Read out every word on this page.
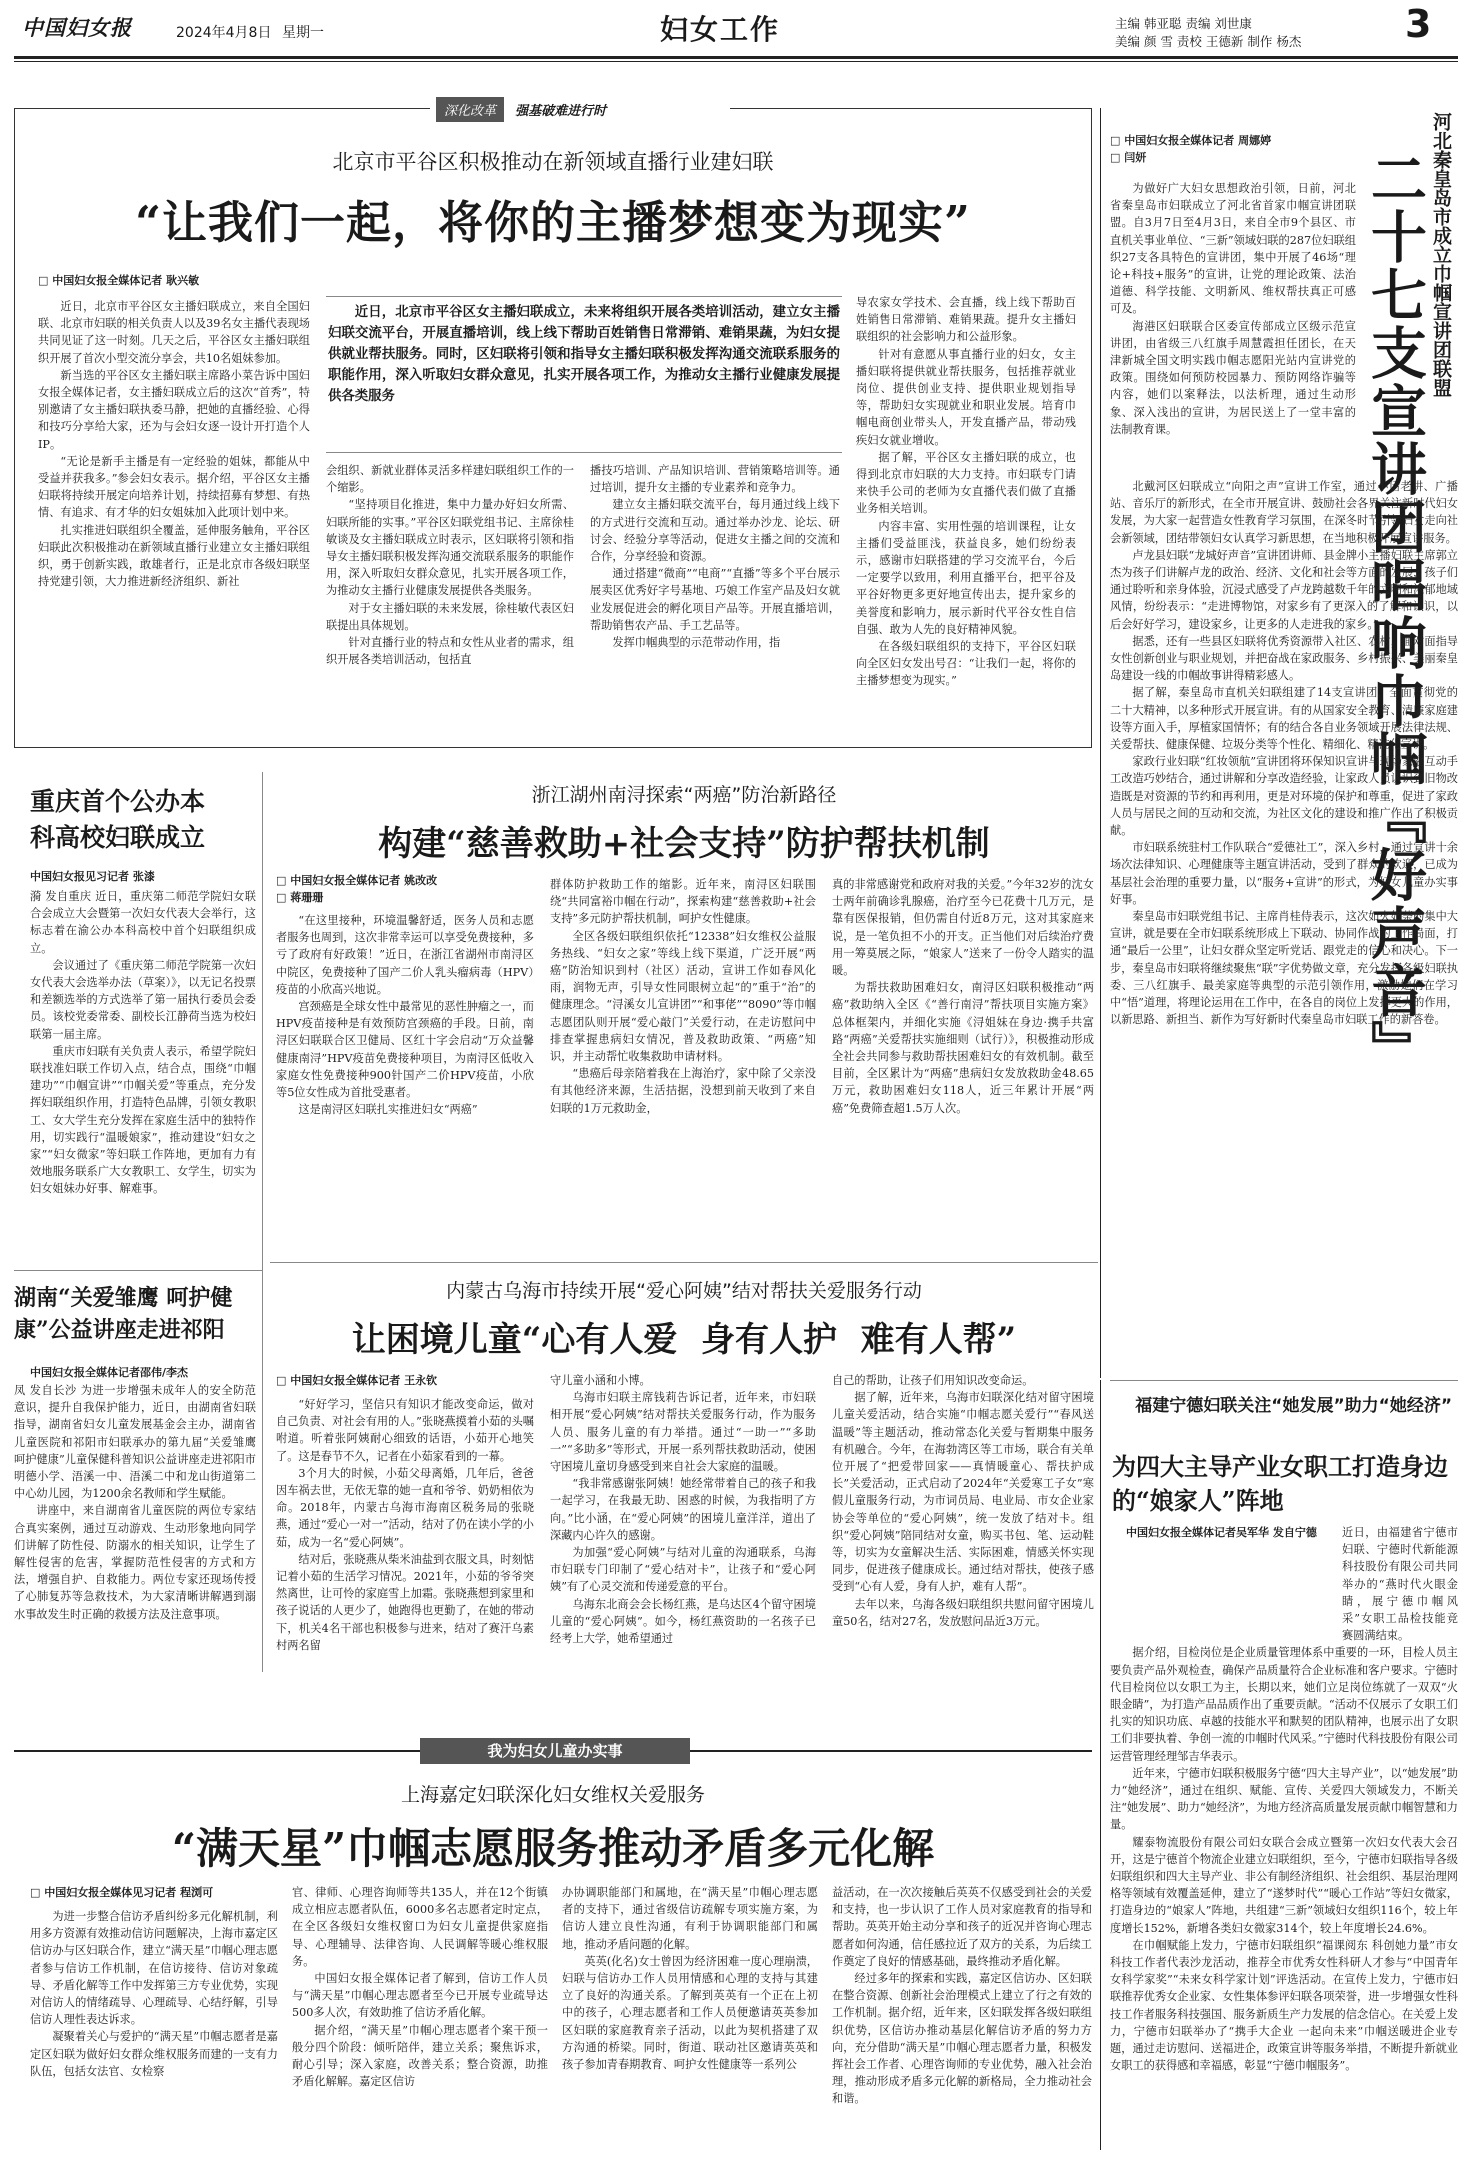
中国妇女报	2024年4月8日 星期一	妇女工作	主编 韩亚聪 责编 刘世康
美编 颜 雪 责校 王德新 制作 杨杰	3
深化改革 强基破难进行时
北京市平谷区积极推动在新领域直播行业建妇联
“让我们一起，将你的主播梦想变为现实”
□ 中国妇女报全媒体记者 耿兴敏

近日，北京市平谷区女主播妇联成立，来自全国妇联、北京市妇联的相关负责人以及39名女主播代表现场共同见证了这一时刻。几天之后，平谷区女主播妇联组织开展了首次小型交流分享会，共10名姐妹参加。

新当选的平谷区女主播妇联主席路小菜告诉中国妇女报全媒体记者，女主播妇联成立后的这次“首秀”，特别邀请了女主播妇联执委马静，把她的直播经验、心得和技巧分享给大家，还为与会妇女逐一设计开打造个人IP。

“无论是新手主播是有一定经验的姐妹，都能从中受益并获我多。”参会妇女表示。据介绍，平谷区女主播妇联将持续开展定向培养计划，持续招募有梦想、有热情、有追求、有才华的妇女姐妹加入此项计划中来。

扎实推进妇联组织全覆盖，延伸服务触角，平谷区妇联此次积极推动在新领域直播行业建立女主播妇联组织，勇于创新实践，敢雄者行，正是北京市各级妇联坚持党建引领，大力推进新经济组织、新社

近日，北京市平谷区女主播妇联成立，未来将组织开展各类培训活动，建立女主播妇联交流平台，开展直播培训，线上线下帮助百姓销售日常滞销、难销果蔬，为妇女提供就业帮扶服务。同时，区妇联将引领和指导女主播妇联积极发挥沟通交流联系服务的职能作用，深入听取妇女群众意见，扎实开展各项工作，为推动女主播行业健康发展提供各类服务

会组织、新就业群体灵活多样建妇联组织工作的一个缩影。

“坚持项目化推进，集中力量办好妇女所需、妇联所能的实事。”平谷区妇联党组书记、主席徐桂敏谈及女主播妇联成立时表示，区妇联将引领和指导女主播妇联积极发挥沟通交流联系服务的职能作用，深入听取妇女群众意见，扎实开展各项工作，为推动女主播行业健康发展提供各类服务。

对于女主播妇联的未来发展，徐桂敏代表区妇联提出具体规划。

针对直播行业的特点和女性从业者的需求，组织开展各类培训活动，包括直

播技巧培训、产品知识培训、营销策略培训等。通过培训，提升女主播的专业素养和竞争力。

建立女主播妇联交流平台，每月通过线上线下的方式进行交流和互动。通过举办沙龙、论坛、研讨会、经验分享等活动，促进女主播之间的交流和合作，分享经验和资源。

通过搭建“微商”“电商”“直播”等多个平台展示展卖区优秀好字号基地、巧娘工作室产品及妇女就业发展促进会的孵化项目产品等。开展直播培训，帮助销售农产品、手工艺品等。

发挥巾帼典型的示范带动作用，指

导农家女学技术、会直播，线上线下帮助百姓销售日常滞销、难销果蔬。提升女主播妇联组织的社会影响力和公益形象。

针对有意愿从事直播行业的妇女，女主播妇联将提供就业帮扶服务，包括推荐就业岗位、提供创业支持、提供职业规划指导等，帮助妇女实现就业和职业发展。培育巾帼电商创业带头人，开发直播产品，带动残疾妇女就业增收。

据了解，平谷区女主播妇联的成立，也得到北京市妇联的大力支持。市妇联专门请来快手公司的老师为女直播代表们做了直播业务相关培训。

内容丰富、实用性强的培训课程，让女主播们受益匪浅，获益良多，她们纷纷表示，感谢市妇联搭建的学习交流平台，今后一定要学以致用，利用直播平台，把平谷及平谷好物更多更好地宣传出去，提升家乡的美誉度和影响力，展示新时代平谷女性自信自强、敢为人先的良好精神风貌。

在各级妇联组织的支持下，平谷区妇联向全区妇女发出号召：“让我们一起，将你的主播梦想变为现实。”

□ 中国妇女报全媒体记者 周娜婷
□ 闫妍	二十七支宣讲团唱响巾帼『好声音』 河北秦皇岛市成立巾帼宣讲团联盟

为做好广大妇女思想政治引领，日前，河北省秦皇岛市妇联成立了河北省首家巾帼宣讲团联盟。自3月7日至4月3日，来自全市9个县区、市直机关事业单位、“三新”领域妇联的287位妇联组织27支各具特色的宣讲团，集中开展了46场“理论+科技+服务”的宣讲，让党的理论政策、法治道德、科学技能、文明新风、维权帮扶真正可感可及。

海港区妇联联合区委宣传部成立区级示范宣讲团，由省级三八红旗手周慧霞担任团长，在天津新城全国文明实践巾帼志愿阳光站内宣讲党的政策。围绕如何预防校园暴力、预防网络诈骗等内容，她们以案释法，以法析理，通过生动形象、深入浅出的宣讲，为居民送上了一堂丰富的法制教育课。

北戴河区妇联成立“向阳之声”宣讲工作室，通过小话老讲、广播站、音乐厅的新形式，在全市开展宣讲、鼓励社会各界关注新时代妇女发展，为大家一起营造女性教育学习氛围，在深冬时节引领妇女走向社会新领域，团结带领妇女认真学习新思想，在当地积极开展宣讲服务。

卢龙县妇联“龙城好声音”宣讲团讲师、县金牌小主播妇联主席郭立杰为孩子们讲解卢龙的政治、经济、文化和社会等方面的发展，孩子们通过聆听和亲身体验，沉浸式感受了卢龙跨越数千年的文明和浓郁地域风情，纷纷表示：“走进博物馆，对家乡有了更深入的了解和认识，以后会好好学习，建设家乡，让更多的人走进我的家乡。”

据悉，还有一些县区妇联将优秀资源带入社区、农村，面对面指导女性创新创业与职业规划，并把奋战在家政服务、乡村振兴、美丽秦皇岛建设一线的巾帼故事讲得精彩感人。

据了解，秦皇岛市直机关妇联组建了14支宣讲团，全面贯彻党的二十大精神，以多种形式开展宣讲。有的从国家安全教育、清廉家庭建设等方面入手，厚植家国情怀；有的结合各自业务领域开展法律法规、关爱帮扶、健康保健、垃圾分类等个性化、精细化、精准化宣讲。

家政行业妇联“红妆领航”宣讲团将环保知识宣讲与现场家庭互动手工改造巧妙结合，通过讲解和分享改造经验，让家政人员认识到旧物改造既是对资源的节约和再利用，更是对环境的保护和尊重，促进了家政人员与居民之间的互动和交流，为社区文化的建设和推广作出了积极贡献。

市妇联系统驻村工作队联合“爱德社工”，深入乡村，通过宣讲十余场次法律知识、心理健康等主题宣讲活动，受到了群众的欢迎，已成为基层社会治理的重要力量，以“服务+宣讲”的形式，为妇女儿童办实事好事。

秦皇岛市妇联党组书记、主席肖桂侍表示，这次如火如荼的集中大宣讲，就是要在全市妇联系统形成上下联动、协同作战的工作局面，打通“最后一公里”，让妇女群众坚定听党话、跟党走的信心和决心。下一步，秦皇岛市妇联将继续聚焦“联”字优势做文章，充分发挥各级妇联执委、三八红旗手、最美家庭等典型的示范引领作用，激励她们在学习中“悟”道理，将理论运用在工作中，在各自的岗位上发挥更大的作用，以新思路、新担当、新作为写好新时代秦皇岛市妇联工作的新答卷。

重庆首个公办本科高校妇联成立
中国妇女报见习记者 张漆

漪 发自重庆 近日，重庆第二师范学院妇女联合会成立大会暨第一次妇女代表大会举行，这标志着在渝公办本科高校中首个妇联组织成立。

会议通过了《重庆第二师范学院第一次妇女代表大会选举办法（草案）》，以无记名投票和差额选举的方式选举了第一届执行委员会委员。该校党委常委、副校长江静荷当选为校妇联第一届主席。

重庆市妇联有关负责人表示，希望学院妇联找准妇联工作切入点，结合点，围绕“巾帼建功”“巾帼宣讲”“巾帼关爱”等重点，充分发挥妇联组织作用，打造特色品牌，引领女教职工、女大学生充分发挥在家庭生活中的独特作用，切实践行“温暖娘家”，推动建设“妇女之家”“妇女微家”等妇联工作阵地，更加有力有效地服务联系广大女教职工、女学生，切实为妇女姐妹办好事、解难事。

浙江湖州南浔探索“两癌”防治新路径
构建“慈善救助+社会支持”防护帮扶机制
□ 中国妇女报全媒体记者 姚改改
□ 蒋珊珊

“在这里接种，环境温馨舒适，医务人员和志愿者服务也周到，这次非常幸运可以享受免费接种，多亏了政府有好政策！”近日，在浙江省湖州市南浔区中院区，免费接种了国产二价人乳头瘤病毒（HPV）疫苗的小欣高兴地说。

宫颈癌是全球女性中最常见的恶性肿瘤之一，而HPV疫苗接种是有效预防宫颈癌的手段。日前，南浔区妇联联合区卫健局、区红十字会启动“万众益馨 健康南浔”HPV疫苗免费接种项目，为南浔区低收入家庭女性免费接种900针国产二价HPV疫苗，小欣等5位女性成为首批受惠者。

这是南浔区妇联扎实推进妇女“两癌”

群体防护救助工作的缩影。近年来，南浔区妇联围绕“共同富裕巾帼在行动”，探索构建“慈善救助+社会支持”多元防护帮扶机制，呵护女性健康。

全区各级妇联组织依托“12338”妇女维权公益服务热线、“妇女之家”等线上线下渠道，广泛开展“两癌”防治知识到村（社区）活动，宣讲工作如春风化雨，润物无声，引导女性同眼树立起“的”重于“治”的健康理念。“浔溪女儿宣讲团”“和事佬”“8090”等巾帼志愿团队则开展“爱心敲门”关爱行动，在走访慰问中排查掌握患病妇女情况，普及救助政策、“两癌”知识，并主动帮忙收集救助申请材料。

“患癌后母亲陪着我在上海治疗，家中除了父亲没有其他经济来源，生活拮据，没想到前天收到了来自妇联的1万元救助金，

真的非常感谢党和政府对我的关爱。”今年32岁的沈女士两年前确诊乳腺癌，治疗至今已花费十几万元，是靠有医保报销，但仍需自付近8万元，这对其家庭来说，是一笔负担不小的开支。正当他们对后续治疗费用一筹莫展之际，“娘家人”送来了一份令人踏实的温暖。

为帮扶救助困难妇女，南浔区妇联积极推动“两癌”救助纳入全区《“善行南浔”帮扶项目实施方案》总体框架内，并细化实施《浔姐妹在身边·携手共富路“两癌”关爱帮扶实施细则（试行）》，积极推动形成全社会共同参与救助帮扶困难妇女的有效机制。截至目前，全区累计为“两癌”患病妇女发放救助金48.65万元，救助困难妇女118人，近三年累计开展“两癌”免费筛查超1.5万人次。

湖南“关爱雏鹰 呵护健康”公益讲座走进祁阳
中国妇女报全媒体记者邵伟/李杰

凤 发自长沙 为进一步增强未成年人的安全防范意识，提升自我保护能力，近日，由湖南省妇联指导，湖南省妇女儿童发展基金会主办，湖南省儿童医院和祁阳市妇联承办的第九届“关爱雏鹰 呵护健康”儿童保健科普知识公益讲座走进祁阳市明德小学、浯溪一中、浯溪二中和龙山街道第二中心幼儿园，为1200余名教师和学生赋能。

讲座中，来自湖南省儿童医院的两位专家结合真实案例，通过互动游戏、生动形象地向同学们讲解了防性侵、防溺水的相关知识，让学生了解性侵害的危害，掌握防范性侵害的方式和方法，增强自护、自救能力。两位专家还现场传授了心肺复苏等急救技术，为大家清晰讲解遇到溺水事故发生时正确的救援方法及注意事项。

内蒙古乌海市持续开展“爱心阿姨”结对帮扶关爱服务行动
让困境儿童“心有人爱  身有人护  难有人帮”
□ 中国妇女报全媒体记者 王永钦

“好好学习，坚信只有知识才能改变命运，做对自己负责、对社会有用的人。”张晓燕摸着小茹的头嘱咐道。听着张阿姨耐心细致的话语，小茹开心地笑了。这是春节不久，记者在小茹家看到的一幕。

3个月大的时候，小茹父母离婚，几年后，爸爸因车祸去世，无依无靠的她一直和爷爷、奶奶相依为命。2018年，内蒙古乌海市海南区税务局的张晓燕，通过“爱心一对一”活动，结对了仍在读小学的小茹，成为一名“爱心阿姨”。

结对后，张晓燕从柴米油盐到衣服文具，时刻惦记着小茹的生活学习情况。2021年，小茹的爷爷突然离世，让可怜的家庭雪上加霜。张晓燕想到家里和孩子说话的人更少了，她跑得也更勤了，在她的带动下，机关4名干部也积极参与进来，结对了赛汗乌素村两名留

守儿童小涵和小博。

乌海市妇联主席钱莉告诉记者，近年来，市妇联相开展“爱心阿姨”结对帮扶关爱服务行动，作为服务人员、服务儿童的有力举措。通过“一助一”“多助一”“多助多”等形式，开展一系列帮扶救助活动，使困守困境儿童切身感受到来自社会大家庭的温暖。

“我非常感谢张阿姨！她经常带着自己的孩子和我一起学习，在我最无助、困惑的时候，为我指明了方向。”比小涵，在“爱心阿姨”的困境儿童洋洋，道出了深藏内心许久的感谢。

为加强“爱心阿姨”与结对儿童的沟通联系，乌海市妇联专门印制了“爱心结对卡”，让孩子和“爱心阿姨”有了心灵交流和传递爱意的平台。

乌海东北商会会长杨红燕，是乌达区4个留守困境儿童的“爱心阿姨”。如今，杨红燕资助的一名孩子已经考上大学，她希望通过

自己的帮助，让孩子们用知识改变命运。

据了解，近年来，乌海市妇联深化结对留守困境儿童关爱活动，结合实施“巾帼志愿关爱行”“春风送温暖”等主题活动，推动常态化关爱与暂期集中服务有机融合。今年，在海勃湾区等工市场，联合有关单位开展了“把爱带回家——真情暖童心、帮扶护成长”关爱活动，正式启动了2024年“关爱寒工子女”寒假儿童服务行动，为市词员局、电业局、市女企业家协会等单位的“爱心阿姨”，统一发放了结对卡。组织“爱心阿姨”陪同结对女童，购买书包、笔、运动鞋等，切实为女童解决生活、实际困难，情感关怀实现同步，促进孩子健康成长。通过结对帮扶，使孩子感受到“心有人爱，身有人护，难有人帮”。

去年以来，乌海各级妇联组织共慰问留守困境儿童50名，结对27名，发放慰问品近3万元。

福建宁德妇联关注“她发展”助力“她经济”
为四大主导产业女职工打造身边的“娘家人”阵地
中国妇女报全媒体记者吴军华 发自宁德	近日，由福建省宁德市妇联、宁德时代新能源科技股份有限公司共同举办的“燕时代火眼金睛，展宁德巾帼风采”女职工品检技能竞赛圆满结束。

据介绍，目检岗位是企业质量管理体系中重要的一环，目检人员主要负责产品外观检查，确保产品质量符合企业标准和客户要求。宁德时代目检岗位以女职工为主，长期以来，她们立足岗位练就了一双双“火眼金睛”，为打造产品品质作出了重要贡献。“活动不仅展示了女职工们扎实的知识功底、卓越的技能水平和默契的团队精神，也展示出了女职工们非要执着、争创一流的巾帼时代风采。”宁德时代科技股份有限公司运营管理经理邹吉华表示。

近年来，宁德市妇联积极服务宁德“四大主导产业”，以“她发展”助力“她经济”，通过在组织、赋能、宣传、关爱四大领域发力，不断关注“她发展”、助力“她经济”，为地方经济高质量发展贡献巾帼智慧和力量。

耀泰物流股份有限公司妇女联合会成立暨第一次妇女代表大会召开，这是宁德首个物流企业建立妇联组织，至今，宁德市妇联指导各级妇联组织和四大主导产业、非公有制经济组织、社会组织、基层治理网格等领域有效覆盖延伸，建立了“遂梦时代”“暖心工作站”等妇女微家，打造身边的“娘家人”阵地，共组建“三新”领域妇女组织116个，较上年度增长152%，新增各类妇女微家314个，较上年度增长24.6%。

在巾帼赋能上发力，宁德市妇联组织“福课阅东 科创她力量”市女科技工作者代表沙龙活动，推荐全市优秀女性科研人才参与“中国青年女科学家奖”“未来女科学家计划”评选活动。在宣传上发力，宁德市妇联推荐优秀女企业家、女性集体参评妇联各项荣誉，进一步增强女性科技工作者服务科技强国、服务新质生产力发展的信念信心。在关爱上发力，宁德市妇联举办了“携手大企业 一起向未来”巾帼送暖进企业专题，通过走访慰问、送福进企，政策宣讲等服务举措，不断提升新就业女职工的获得感和幸福感，彰显“宁德巾帼服务”。

我为妇女儿童办实事
上海嘉定妇联深化妇女维权关爱服务
“满天星”巾帼志愿服务推动矛盾多元化解
□ 中国妇女报全媒体见习记者 程浏可

为进一步整合信访矛盾纠纷多元化解机制，利用多方资源有效推动信访问题解决，上海市嘉定区信访办与区妇联合作，建立“满天星”巾帼心理志愿者参与信访工作机制，在信访接待、信访对象疏导、矛盾化解等工作中发挥第三方专业优势，实现对信访人的情绪疏导、心理疏导、心结纾解，引导信访人理性表达诉求。

凝聚着关心与爱护的“满天星”巾帼志愿者是嘉定区妇联为做好妇女群众维权服务而建的一支有力队伍，包括女法官、女检察

官、律师、心理咨询师等共135人，并在12个街镇成立相应志愿者队伍，6000多名志愿者定时定点，在全区各级妇女维权窗口为妇女儿童提供家庭指导、心理辅导、法律咨询、人民调解等暖心维权服务。

中国妇女报全媒体记者了解到，信访工作人员与“满天星”巾帼心理志愿者至今已开展专业疏导达500多人次，有效助推了信访矛盾化解。

据介绍，“满天星”巾帼心理志愿者个案干预一般分四个阶段：倾听陪伴，建立关系；聚焦诉求，耐心引导；深入家庭，改善关系；整合资源，助推矛盾化解解。嘉定区信访

办协调职能部门和属地，在“满天星”巾帼心理志愿者的支持下，通过省级信访疏解专项实施方案，为信访人建立良性沟通，有利于协调职能部门和属地，推动矛盾问题的化解。

英英(化名)女士曾因为经济困难一度心理崩溃，妇联与信访办工作人员用情感和心理的支持与其建立了良好的沟通关系。了解到英英有一个正在上初中的孩子，心理志愿者和工作人员便邀请英英参加区妇联的家庭教育亲子活动，以此为契机搭建了双方沟通的桥梁。同时，街道、联动社区邀请英英和孩子参加青春期教育、呵护女性健康等一系列公

益活动，在一次次接触后英英不仅感受到社会的关爱和支持，也一步认识了工作人员对家庭教育的指导和帮助。英英开始主动分享和孩子的近况并咨询心理志愿者如何沟通，信任感拉近了双方的关系，为后续工作奠定了良好的情感基础，最终推动矛盾化解。

经过多年的探索和实践，嘉定区信访办、区妇联在整合资源、创新社会治理模式上建立了行之有效的工作机制。据介绍，近年来，区妇联发挥各级妇联组织优势，区信访办推动基层化解信访矛盾的努力方向，充分借助“满天星”巾帼心理志愿者力量，积极发挥社会工作者、心理咨询师的专业优势，融入社会治理，推动形成矛盾多元化解的新格局，全力推动社会和谐。
